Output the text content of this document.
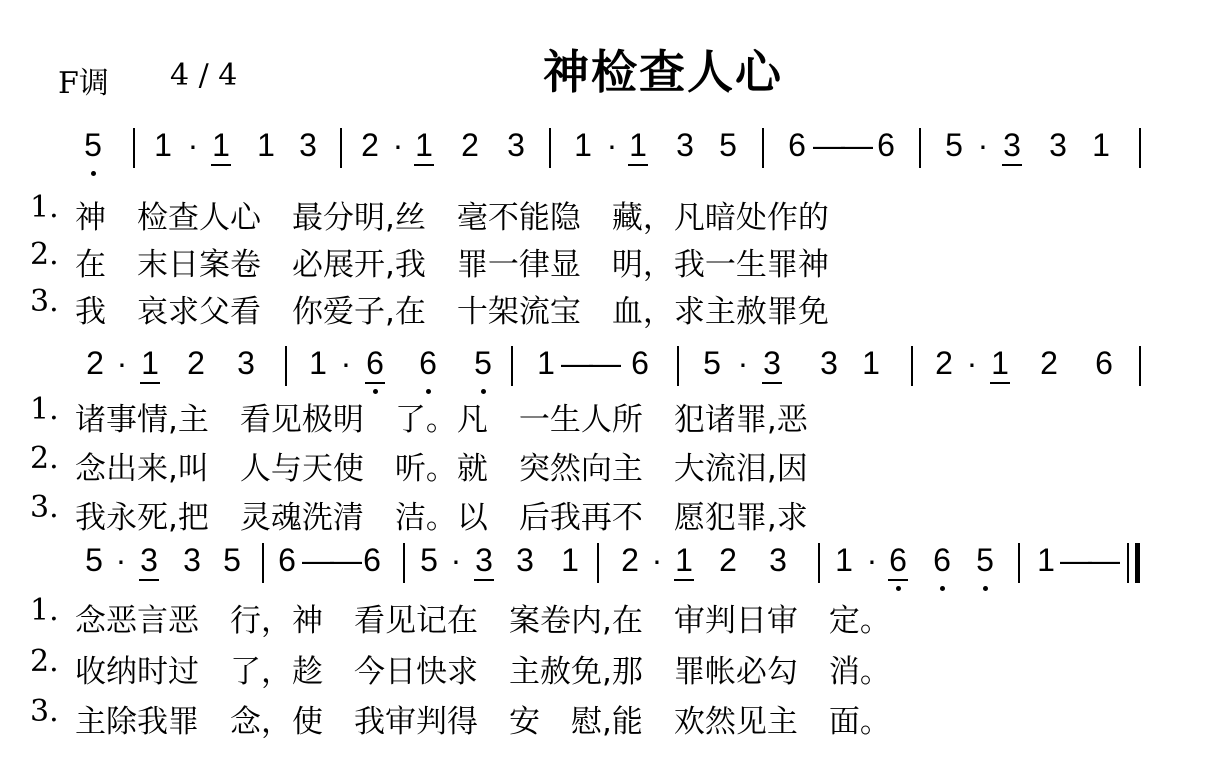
F调 4 / 4	神检查人心
5 1 · 1 1 3 2 · 1 2 3 1 · 1 3 5 6 —
— 6 5 · 3 3 1
1. 神　检查人心　最分明,丝　毫不能隐　藏，凡暗处作的
2. 在　末日案卷　必展开,我　罪一律显　明，我一生罪神
3. 我　哀求父看　你爱子,在　十架流宝　血，求主赦罪免
2 · 1 2 3 1 · 6 6 5 1 —
— 6 5 · 3 3 1 2 · 1 2 6
1. 诸事情,主　看见极明　了。凡　一生人所　犯诸罪,恶
2. 念出来,叫　人与天使　听。就　突然向主　大流泪,因
3. 我永死,把　灵魂洗清　洁。以　后我再不　愿犯罪,求
5 · 3 3 5 6 —
— 6 5 · 3 3 1 2 · 1 2 3 1 · 6 6 5 1 —
—
1. 念恶言恶　行，神　看见记在　案卷内,在　审判日审　定。
2. 收纳时过　了，趁　今日快求　主赦免,那　罪帐必勾　消。
3. 主除我罪　念，使　我审判得　安　慰,能　欢然见主　面。
